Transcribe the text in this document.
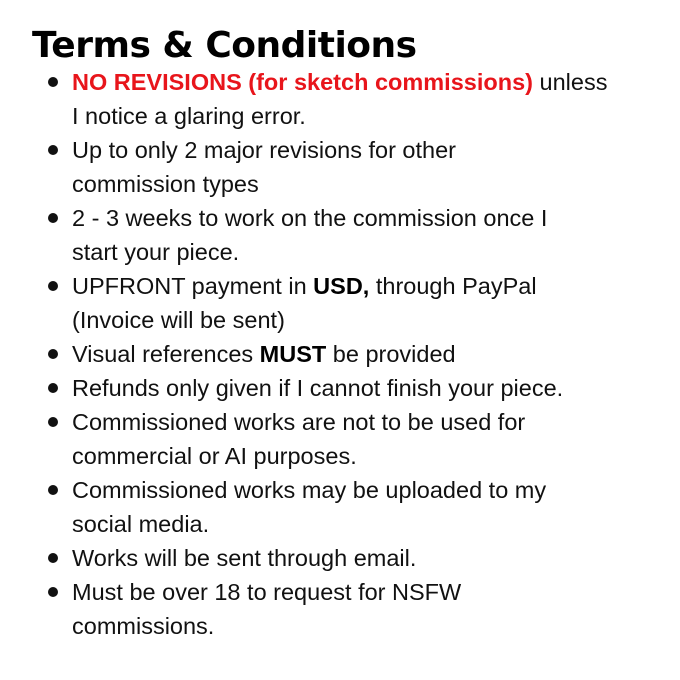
Terms & Conditions
NO REVISIONS (for sketch commissions) unless
I notice a glaring error.
Up to only 2 major revisions for other
commission types
2 - 3 weeks to work on the commission once I
start your piece.
UPFRONT payment in USD, through PayPal
(Invoice will be sent)
Visual references MUST be provided
Refunds only given if I cannot finish your piece.
Commissioned works are not to be used for
commercial or AI purposes.
Commissioned works may be uploaded to my
social media.
Works will be sent through email.
Must be over 18 to request for NSFW
commissions.
